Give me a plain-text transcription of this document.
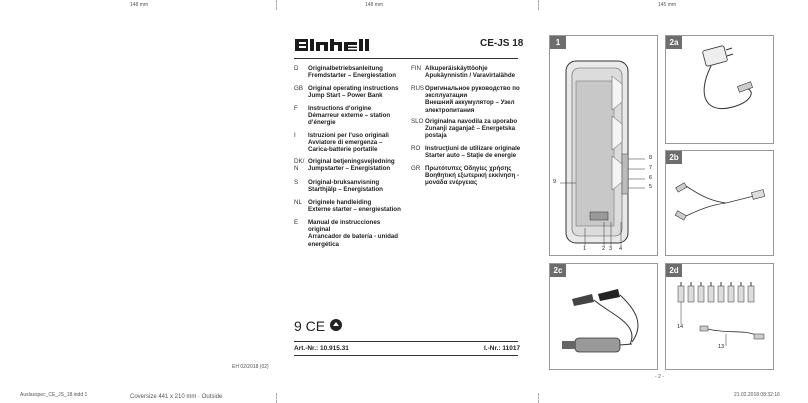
148 mm	148 mm	145 mm
CE-JS 18
D	Originalbetriebsanleitung
Fremdstarter – Energiestation
GB Original operating instructions
Jump Start – Power Bank
F	Instructions d’origine
Démarreur externe – station d’énergie
I	Istruzioni per l’uso originali
Avviatore di emergenza – Carica-batterie portatile
DK/N
Original betjeningsvejledning
Jumpstarter – Energistation
S	Original-bruksanvisning
Starthjälp – Energistation
NL Originele handleiding
Externe starter – energiestation
E	Manual de instrucciones original
Arrancador de batería - unidad energética
FIN Alkuperäiskäyttöohje
Apukäynnistin / Varavirtalähde
RUS Оригинальное руководство по эксплуатации
Внешний аккумулятор – Узел электропитания
SLO Originalna navodila za uporabo
Zunanji zaganjač – Energetska postaja
RO Instrucţiuni de utilizare originale
Starter auto – Staţie de energie
GR Πρωτότυπες Οδηγίες χρήσης
Βοηθητική εξωτερική εκκίνηση - μονάδα ενέργειας
9 CE
Art.-Nr.: 10.915.31	I.-Nr.: 11017
EH 02/2018 (02)
1
8
7
6
5
9
1	2 3 4
2a
2b
2c	2d
14
13
- 2 -
Auslasspec_CE_JS_18.indd 1	Coversize 441 x 210 mm · Outside	21.02.2018 08:32:16
